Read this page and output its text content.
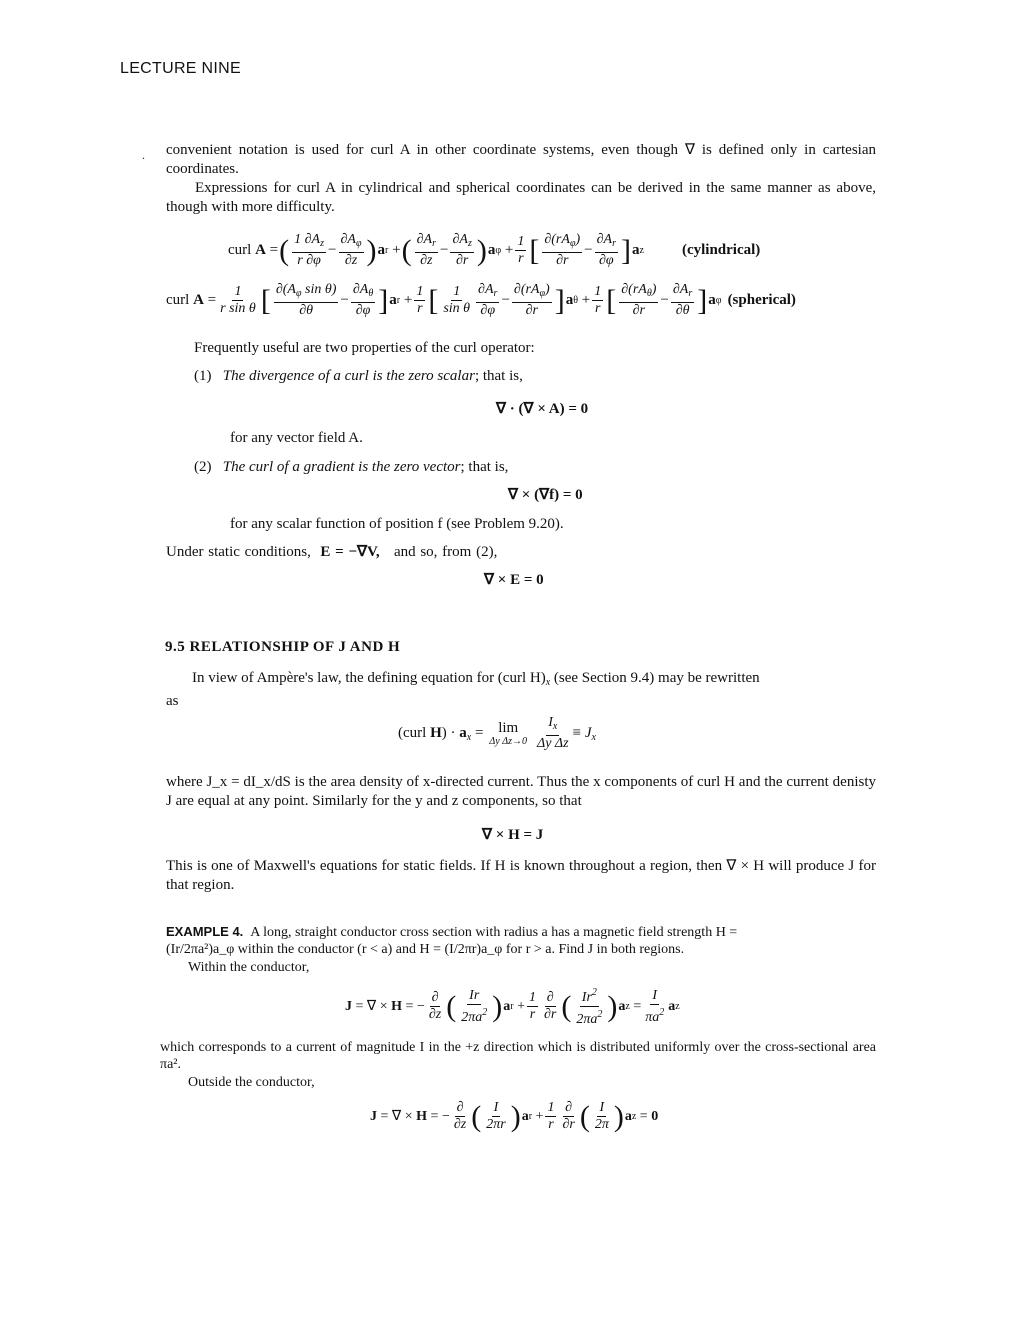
LECTURE NINE
. convenient notation is used for curl A in other coordinate systems, even though ∇ is defined only in cartesian coordinates.
Expressions for curl A in cylindrical and spherical coordinates can be derived in the same manner as above, though with more difficulty.
curl A = ( $\frac{1 \partial A_z}{r \partial\varphi} - \frac{\partial A_\varphi}{\partial z}$ ) a r + ( $\frac{\partial A_r}{\partial z} - \frac{\partial A_z}{\partial r}$ ) a $\varphi + \frac{1}{r}$ [ $\frac{\partial(rA_\varphi)}{\partial r} - \frac{\partial A_r}{\partial\varphi}$ ] a z	(cylindrical)
curl $A = \frac{1}{\text{r sin θ}}$ [ $\frac{\partial(A_\varphi \sin \theta)}{\partial\theta} - \frac{\partial A_\theta}{\partial\varphi}$ ] a $r + \frac{1}{r}$ [ $\frac{1}{\text{sin θ}} \frac{\partial A_r}{\partial\varphi} - \frac{\partial(rA_\varphi)}{\partial r}$ ] a $\theta + \frac{1}{r}$ [ $\frac{\partial(rA_\theta)}{\partial r} - \frac{\partial A_r}{\partial\theta}$ ] a φ (spherical)
Frequently useful are two properties of the curl operator:
(1) The divergence of a curl is the zero scalar; that is,
∇ · (∇ × A) = 0
for any vector field A.
(2) The curl of a gradient is the zero vector; that is,
∇ × (∇f) = 0
for any scalar function of position f (see Problem 9.20).
Under static conditions, E = −∇V, and so, from (2),
∇ × E = 0
9.5 RELATIONSHIP OF J AND H
In view of Ampère's law, the defining equation for (curl $H)_x$ (see Section 9.4) may be rewritten
as
(curl $H) \cdot a_x = \lim$
Δy $\Delta z\to 0 \frac{I_x}{\text{Δy Δz}}$ ≡
$J_x$
where J_x = dI_x/dS is the area density of x-directed current. Thus the x components of curl H and the current denisty J are equal at any point. Similarly for the y and z components, so that
∇ × H = J
This is one of Maxwell's equations for static fields. If H is known throughout a region, then ∇ × H will produce J for that region.
EXAMPLE 4. A long, straight conductor cross section with radius a has a magnetic field strength H =
(Ir/2πa²)a_φ within the conductor (r < a) and H = (I/2πr)a_φ for r > a. Find J in both regions.
Within the conductor,
J
= ∇ × H = − $\frac{\partial}{\partial z}$ ( $\frac{Ir}{2\pi a^2}$ ) a $r + \frac{1}{r} \frac{\partial}{\partial r}$ ( $\frac{Ir^2}{2\pi a^2}$ ) a $z = \frac{I}{\pi a^2}$ a z
which corresponds to a current of magnitude I in the +z direction which is distributed uniformly over the cross-sectional area πa².
Outside the conductor,
J
= ∇ × H = − $\frac{\partial}{\partial z}$ ( $\frac{I}{2\pi r}$ ) a $r + \frac{1}{r} \frac{\partial}{\partial r}$ ( $\frac{I}{2\pi}$ ) a z
= 0
